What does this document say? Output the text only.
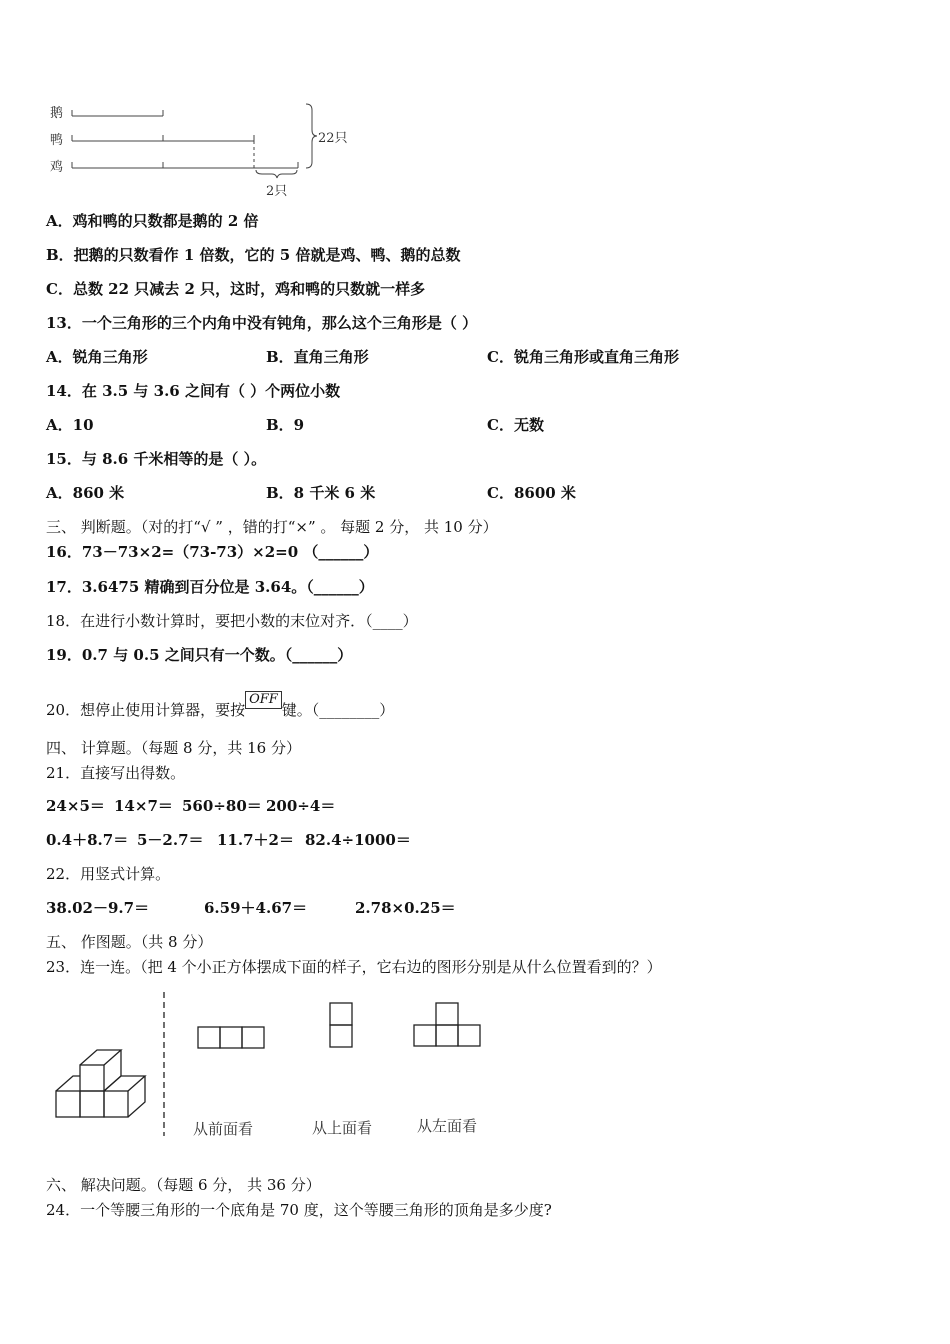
鹅
鸭
鸡
22只
2只
A．鸡和鸭的只数都是鹅的 2 倍
B．把鹅的只数看作 1 倍数，它的 5 倍就是鸡、鸭、鹅的总数
C．总数 22 只减去 2 只，这时，鸡和鸭的只数就一样多
13．一个三角形的三个内角中没有钝角，那么这个三角形是（ ）
A．锐角三角形	B．直角三角形	C．锐角三角形或直角三角形
14．在 3.5 与 3.6 之间有（ ）个两位小数
A．10	B．9	C．无数
15．与 8.6 千米相等的是（ ）。
A．860 米	B．8 千米 6 米	C．8600 米
三、 判断题。（对的打“√ ” ，错的打“×” 。 每题 2 分， 共 10 分）
16．73－73×2=（73-73）×2=0 （______）
17．3.6475 精确到百分位是 3.64。（______）
18．在进行小数计算时，要把小数的末位对齐．（____）
19．0.7 与 0.5 之间只有一个数。（______）
20．想停止使用计算器，要按OFF键。（________）
四、 计算题。（每题 8 分，共 16 分）
21．直接写出得数。
24×5＝ 14×7＝ 560÷80＝ 200÷4＝
0.4＋8.7＝ 5－2.7＝ 11.7＋2＝ 82.4÷1000＝
22．用竖式计算。
38.02－9.7＝	6.59＋4.67＝	2.78×0.25＝
五、 作图题。（共 8 分）
23．连一连。（把 4 个小正方体摆成下面的样子，它右边的图形分别是从什么位置看到的？）
从前面看	从上面看	从左面看
六、 解决问题。（每题 6 分， 共 36 分）
24．一个等腰三角形的一个底角是 70 度，这个等腰三角形的顶角是多少度?
